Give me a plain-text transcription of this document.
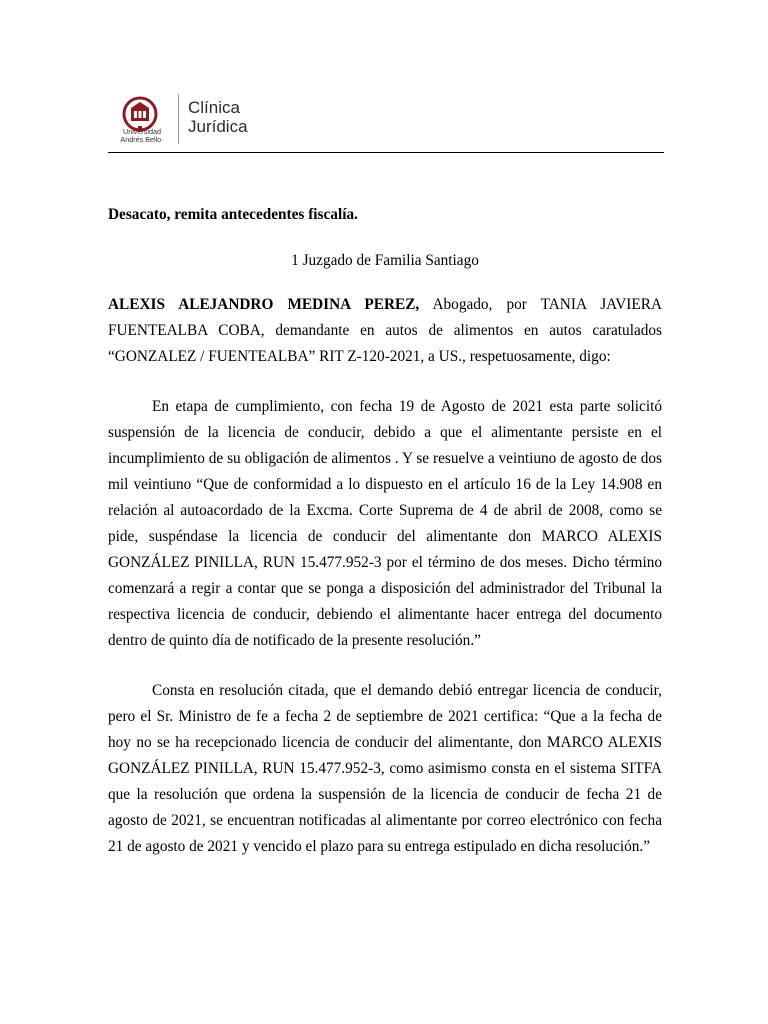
Universidad
Andrés Bello·
Clínica
Jurídica

Desacato, remita antecedentes fiscalía.

1 Juzgado de Familia Santiago

ALEXIS ALEJANDRO MEDINA PEREZ, Abogado, por TANIA JAVIERA FUENTEALBA COBA, demandante en autos de alimentos en autos caratulados “GONZALEZ / FUENTEALBA” RIT Z-120-2021, a US., respetuosamente, digo:

En etapa de cumplimiento, con fecha 19 de Agosto de 2021 esta parte solicitó suspensión de la licencia de conducir, debido a que el alimentante persiste en el incumplimiento de su obligación de alimentos . Y se resuelve a veintiuno de agosto de dos mil veintiuno “Que de conformidad a lo dispuesto en el artículo 16 de la Ley 14.908 en relación al autoacordado de la Excma. Corte Suprema de 4 de abril de 2008, como se pide, suspéndase la licencia de conducir del alimentante don MARCO ALEXIS GONZÁLEZ PINILLA, RUN 15.477.952-3 por el término de dos meses. Dicho término comenzará a regir a contar que se ponga a disposición del administrador del Tribunal la respectiva licencia de conducir, debiendo el alimentante hacer entrega del documento dentro de quinto día de notificado de la presente resolución.”

Consta en resolución citada, que el demando debió entregar licencia de conducir, pero el Sr. Ministro de fe a fecha 2 de septiembre de 2021 certifica: “Que a la fecha de hoy no se ha recepcionado licencia de conducir del alimentante, don MARCO ALEXIS GONZÁLEZ PINILLA, RUN 15.477.952-3, como asimismo consta en el sistema SITFA que la resolución que ordena la suspensión de la licencia de conducir de fecha 21 de agosto de 2021, se encuentran notificadas al alimentante por correo electrónico con fecha 21 de agosto de 2021 y vencido el plazo para su entrega estipulado en dicha resolución.”
